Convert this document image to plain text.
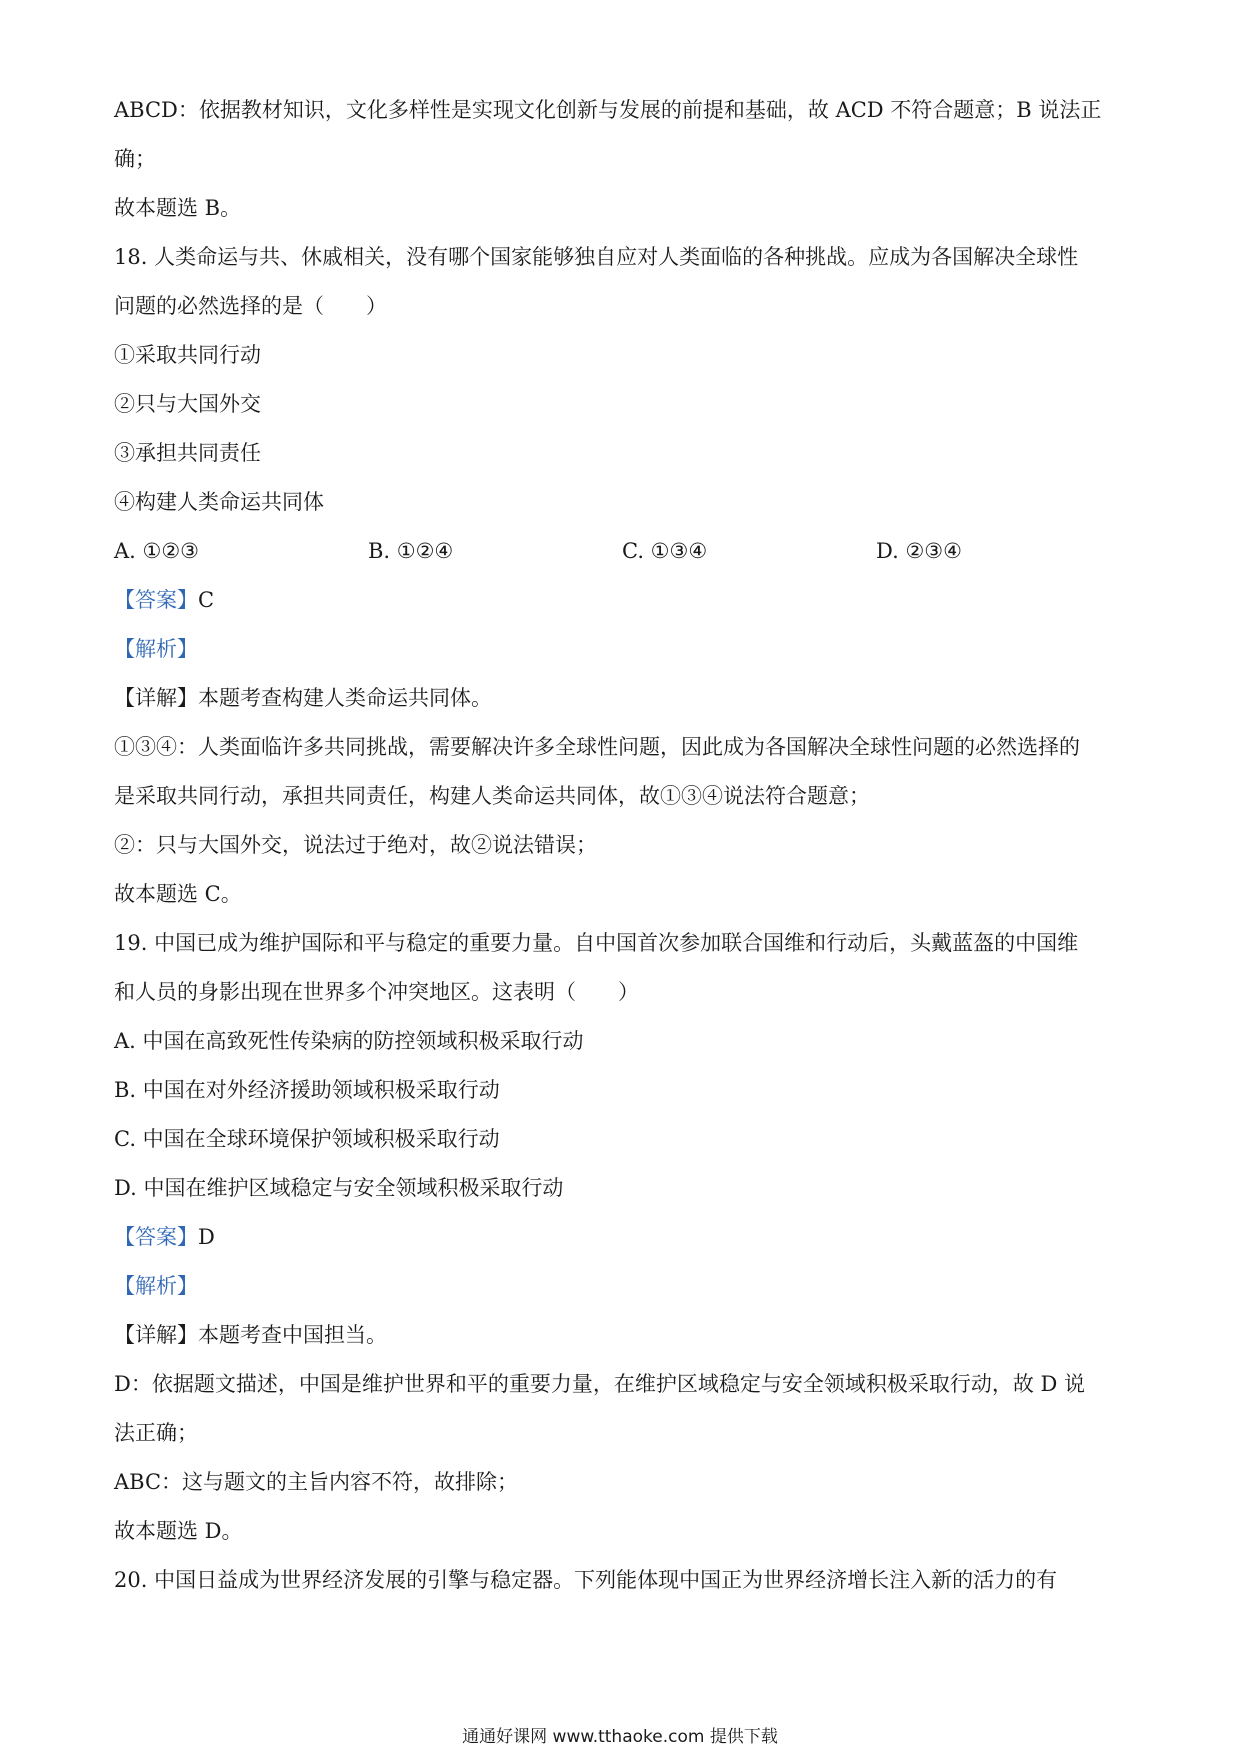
ABCD：依据教材知识，文化多样性是实现文化创新与发展的前提和基础，故 ACD 不符合题意；B 说法正
确；
故本题选 B。
18. 人类命运与共、休戚相关，没有哪个国家能够独自应对人类面临的各种挑战。应成为各国解决全球性
问题的必然选择的是（　　）
①采取共同行动
②只与大国外交
③承担共同责任
④构建人类命运共同体
A. ①②③	B. ①②④	C. ①③④	D. ②③④
【答案】C
【解析】
【详解】本题考查构建人类命运共同体。
①③④：人类面临许多共同挑战，需要解决许多全球性问题，因此成为各国解决全球性问题的必然选择的
是采取共同行动，承担共同责任，构建人类命运共同体，故①③④说法符合题意；
②：只与大国外交，说法过于绝对，故②说法错误；
故本题选 C。
19. 中国已成为维护国际和平与稳定的重要力量。自中国首次参加联合国维和行动后，头戴蓝盔的中国维
和人员的身影出现在世界多个冲突地区。这表明（　　）
A. 中国在高致死性传染病的防控领域积极采取行动
B. 中国在对外经济援助领域积极采取行动
C. 中国在全球环境保护领域积极采取行动
D. 中国在维护区域稳定与安全领域积极采取行动
【答案】D
【解析】
【详解】本题考查中国担当。
D：依据题文描述，中国是维护世界和平的重要力量，在维护区域稳定与安全领域积极采取行动，故 D 说
法正确；
ABC：这与题文的主旨内容不符，故排除；
故本题选 D。
20. 中国日益成为世界经济发展的引擎与稳定器。下列能体现中国正为世界经济增长注入新的活力的有
通通好课网 www.tthaoke.com 提供下载
